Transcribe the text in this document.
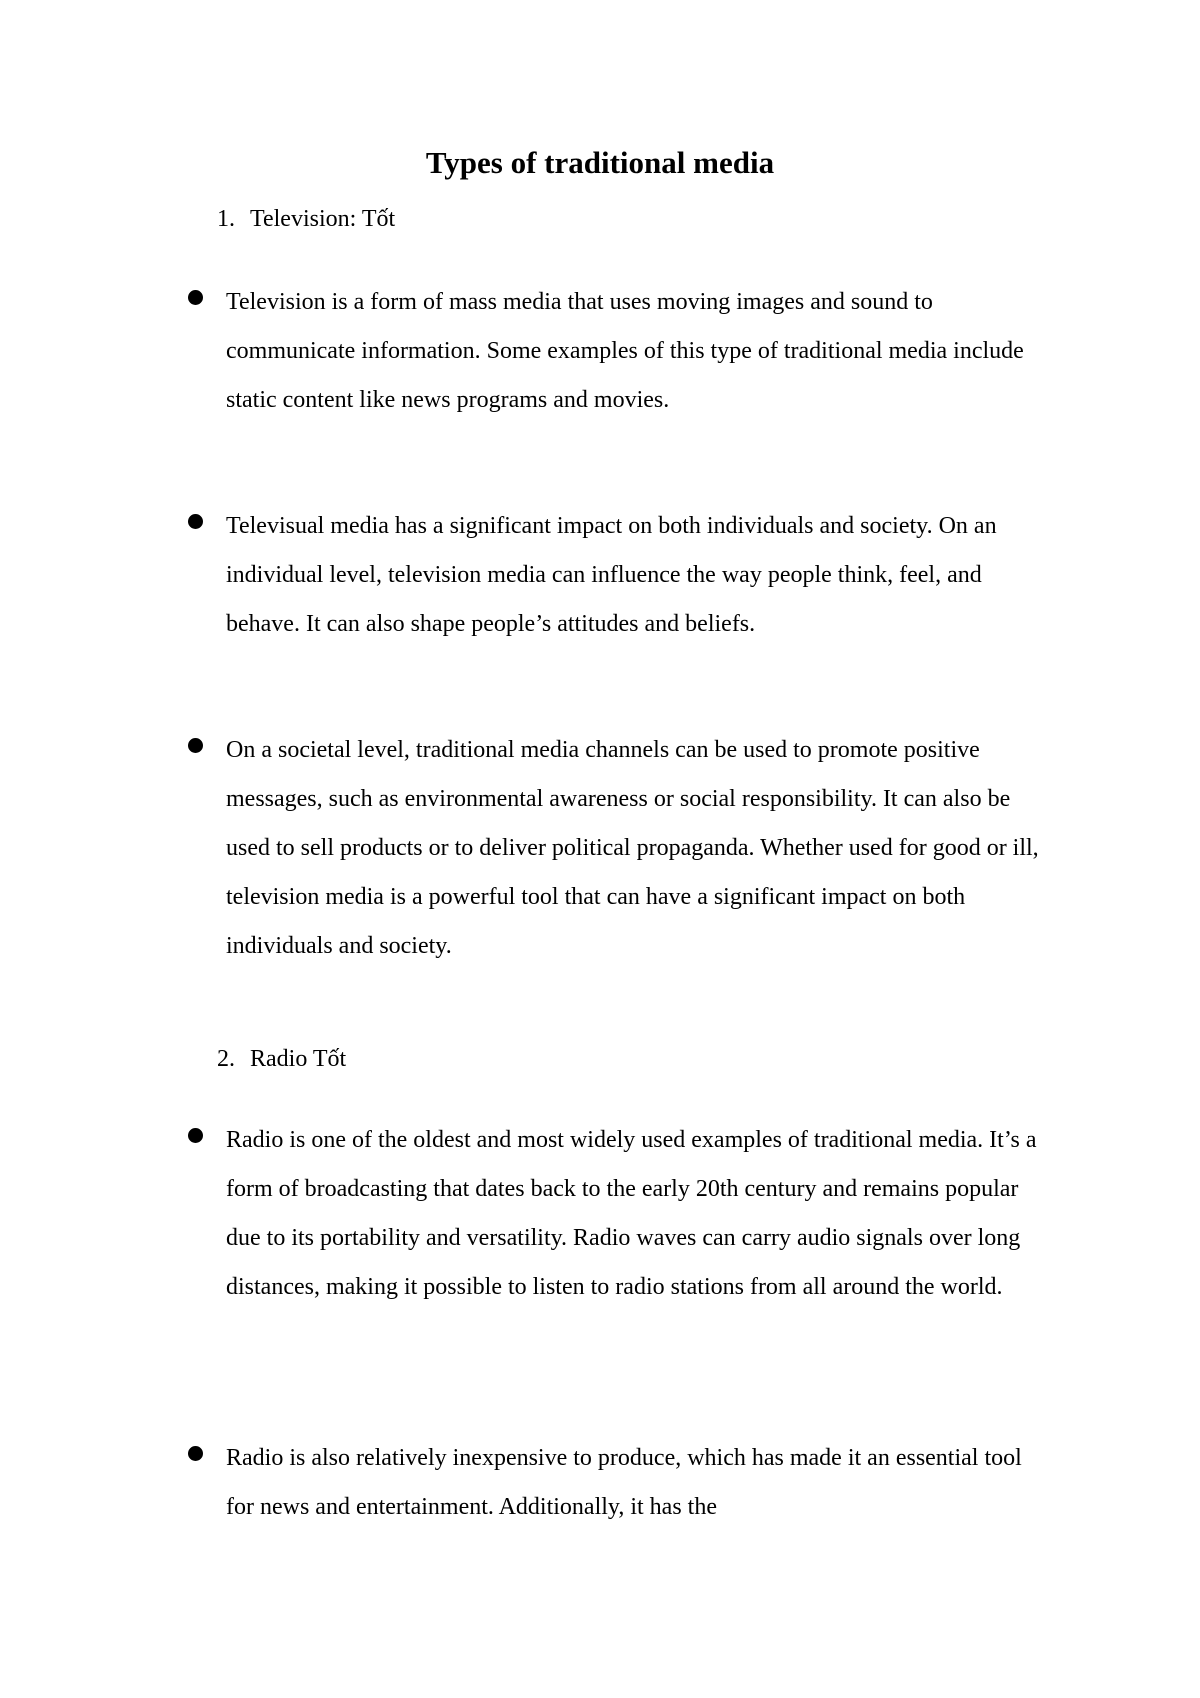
Types of traditional media

1. Television: Tốt

Television is a form of mass media that uses moving images and sound to communicate information. Some examples of this type of traditional media include static content like news programs and movies.

Televisual media has a significant impact on both individuals and society. On an individual level, television media can influence the way people think, feel, and behave. It can also shape people’s attitudes and beliefs.

On a societal level, traditional media channels can be used to promote positive messages, such as environmental awareness or social responsibility. It can also be used to sell products or to deliver political propaganda. Whether used for good or ill, television media is a powerful tool that can have a significant impact on both individuals and society.

2. Radio Tốt

Radio is one of the oldest and most widely used examples of traditional media. It’s a form of broadcasting that dates back to the early 20th century and remains popular due to its portability and versatility. Radio waves can carry audio signals over long distances, making it possible to listen to radio stations from all around the world.

Radio is also relatively inexpensive to produce, which has made it an essential tool for news and entertainment. Additionally, it has the
